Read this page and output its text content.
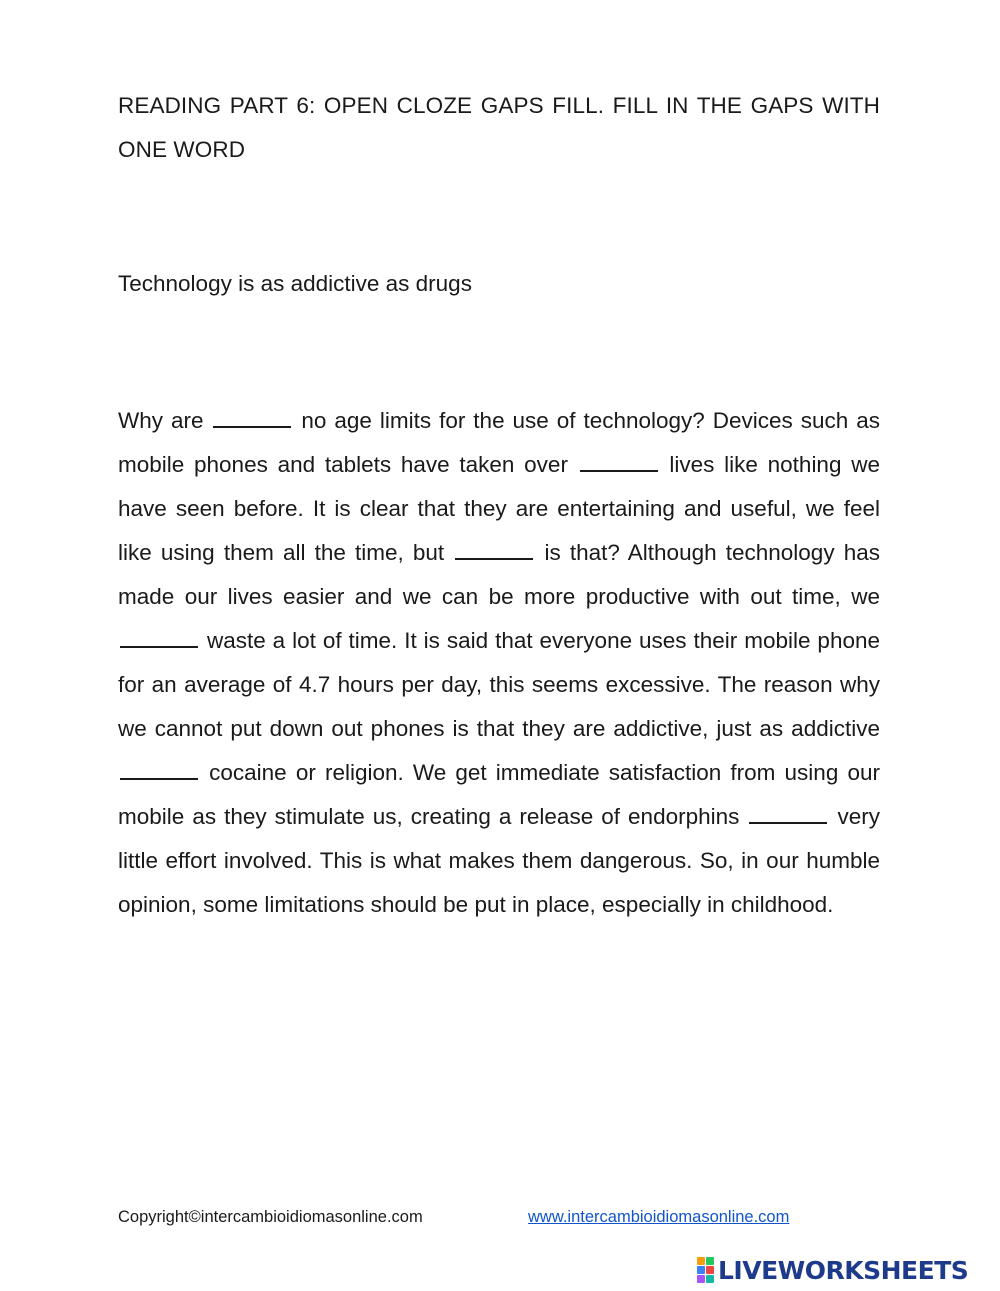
READING PART 6: OPEN CLOZE GAPS FILL. FILL IN THE GAPS WITH ONE WORD
Technology is as addictive as drugs
Why are	no age limits for the use of technology? Devices such as mobile phones and tablets have taken over	lives like nothing we have seen before. It is clear that they are entertaining and useful, we feel like using them all the time, but	is that? Although technology has made our lives easier and we can be more productive with out time, we  waste a lot of time. It is said that everyone uses their mobile phone for an average of 4.7 hours per day, this seems excessive. The reason why we cannot put down out phones is that they are addictive, just as addictive  cocaine or religion. We get immediate satisfaction from using our mobile as they stimulate us, creating a release of endorphins	very little effort involved. This is what makes them dangerous. So, in our humble opinion, some limitations should be put in place, especially in childhood.
Copyright©intercambioidiomasonline.com	www.intercambioidiomasonline.com
LIVEWORKSHEETS
